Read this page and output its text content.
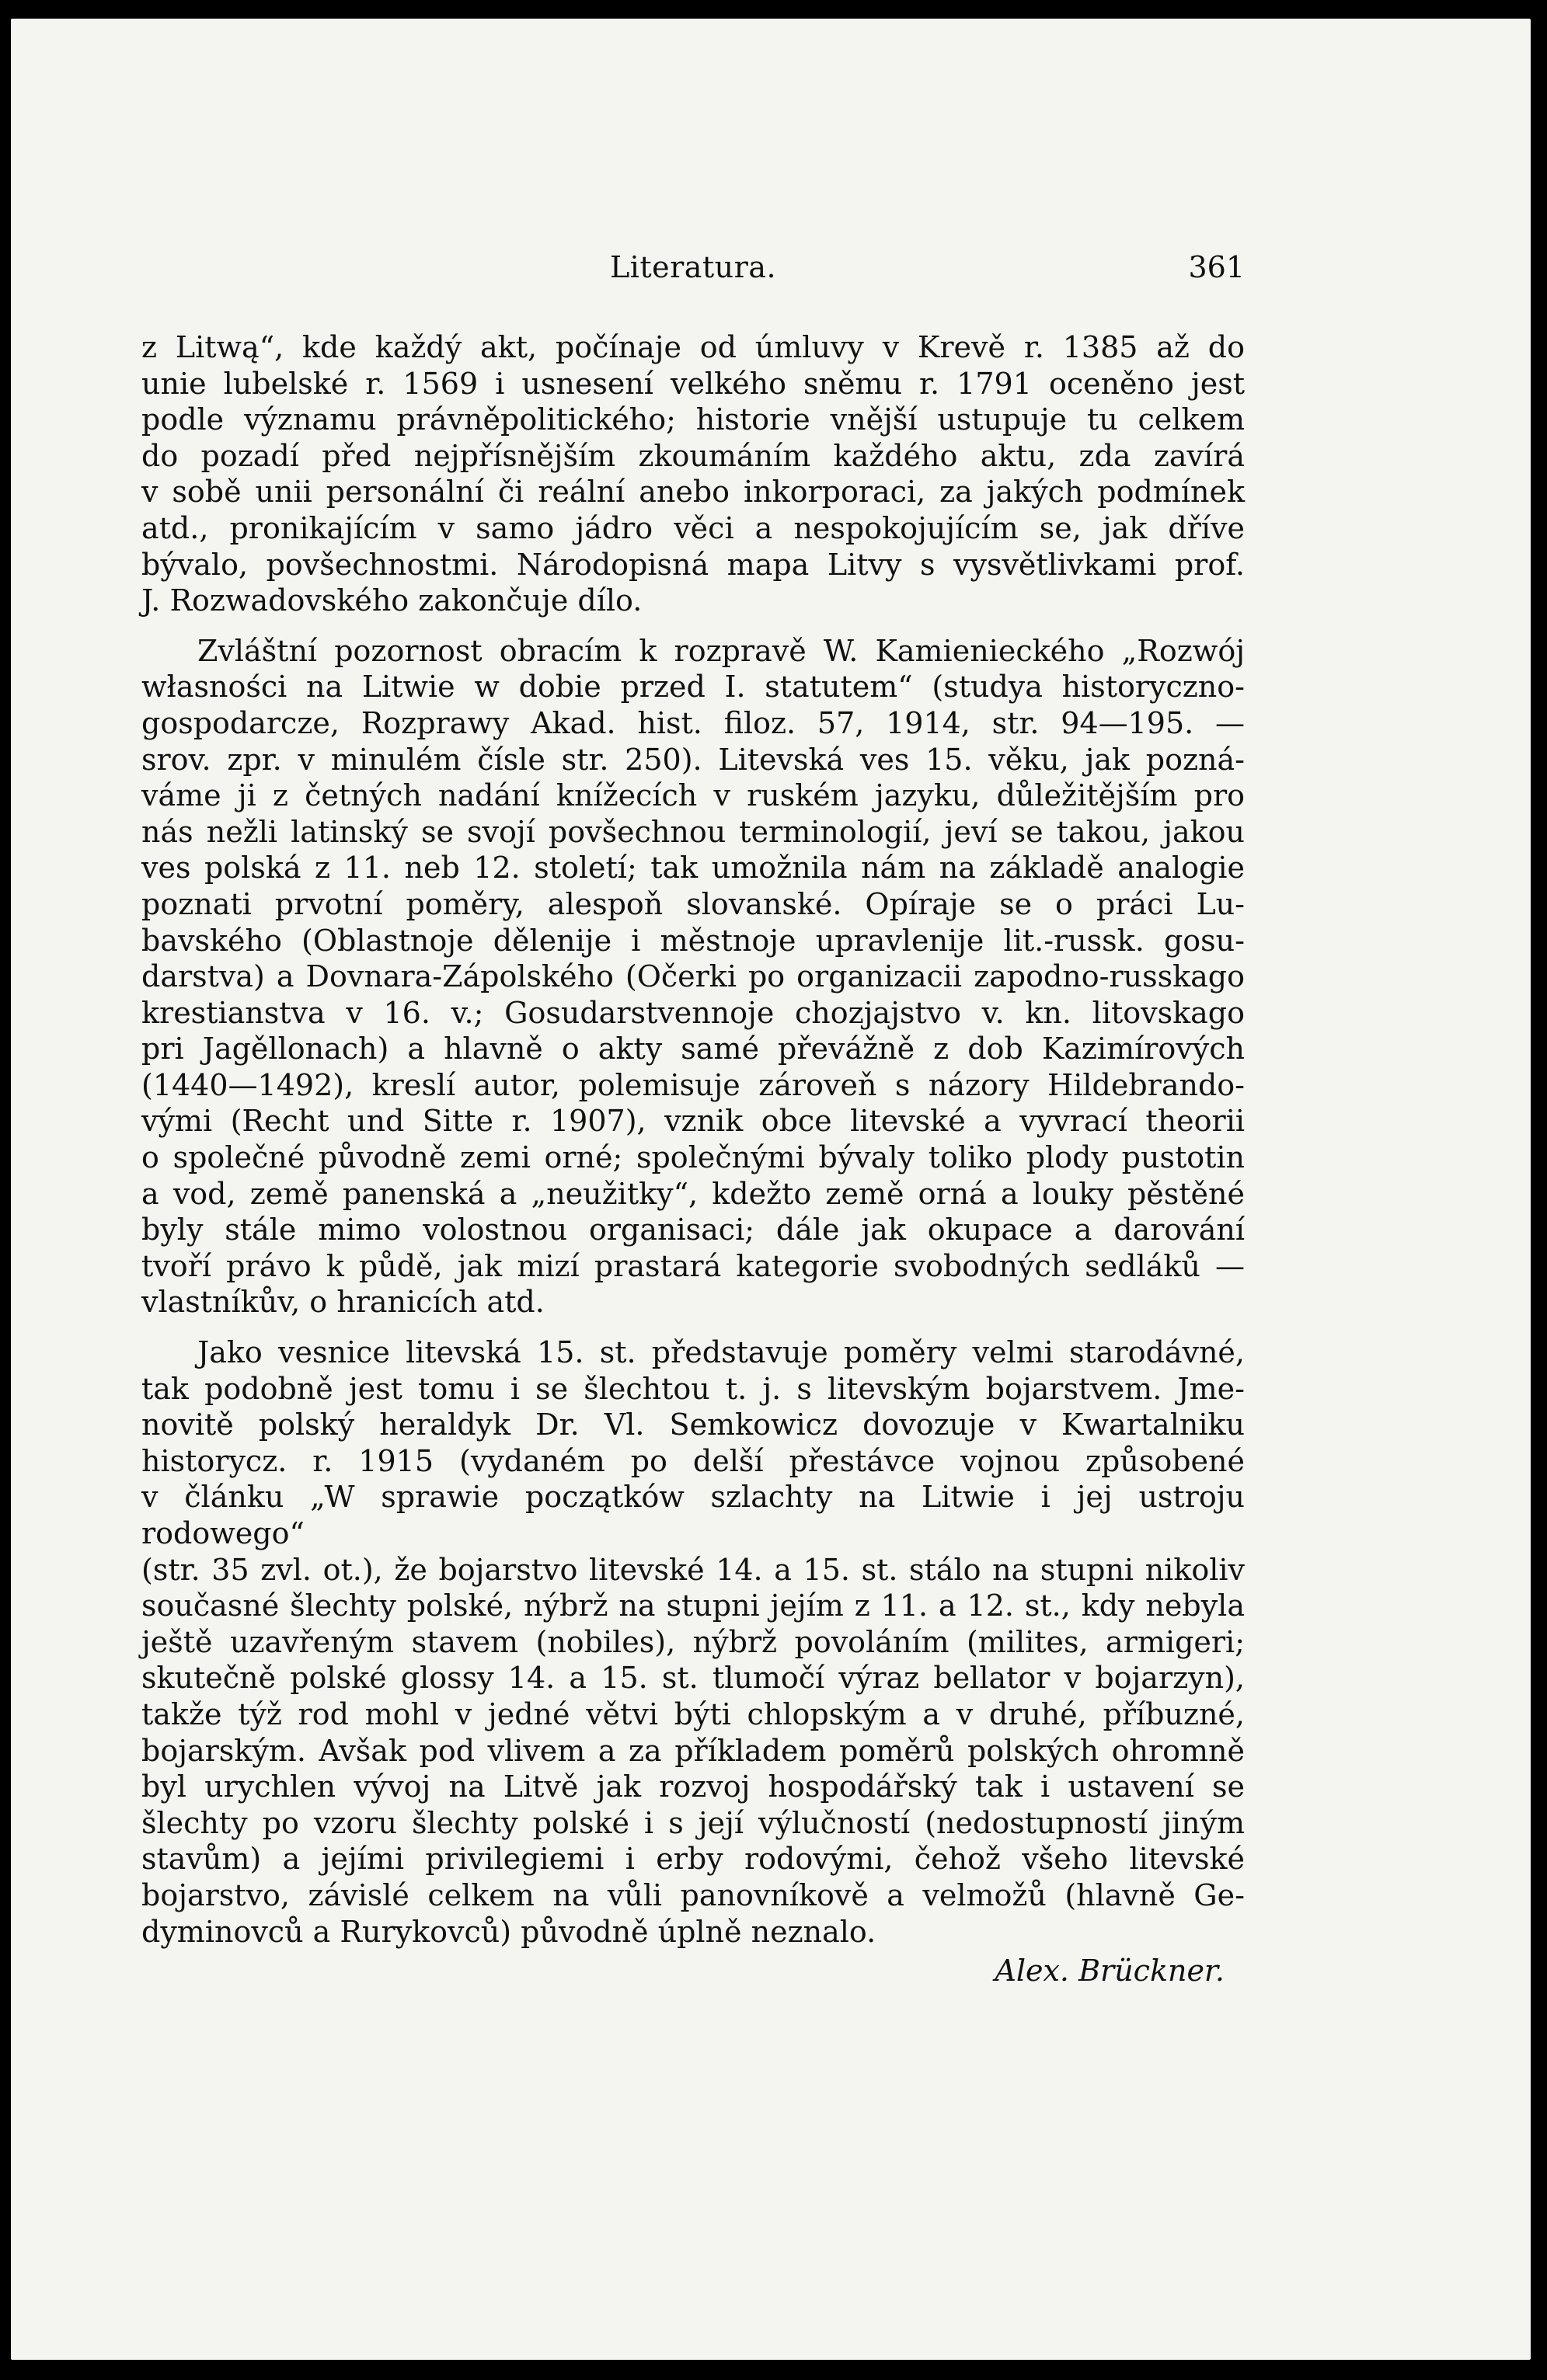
Literatura.	361
z Litwą“, kde každý akt, počínaje od úmluvy v Krevě r. 1385 až do
unie lubelské r. 1569 i usnesení velkého sněmu r. 1791 oceněno jest
podle významu právněpolitického; historie vnější ustupuje tu celkem
do pozadí před nejpřísnějším zkoumáním každého aktu, zda zavírá
v sobě unii personální či reální anebo inkorporaci, za jakých podmínek
atd., pronikajícím v samo jádro věci a nespokojujícím se, jak dříve
bývalo, povšechnostmi. Národopisná mapa Litvy s vysvětlivkami prof.
J. Rozwadovského zakončuje dílo.
Zvláštní pozornost obracím k rozpravě W. Kamienieckého „Rozwój
własności na Litwie w dobie przed I. statutem“ (studya historyczno-
gospodarcze, Rozprawy Akad. hist. filoz. 57, 1914, str. 94—195. —
srov. zpr. v minulém čísle str. 250). Litevská ves 15. věku, jak pozná-
váme ji z četných nadání knížecích v ruském jazyku, důležitějším pro
nás nežli latinský se svojí povšechnou terminologií, jeví se takou, jakou
ves polská z 11. neb 12. století; tak umožnila nám na základě analogie
poznati prvotní poměry, alespoň slovanské. Opíraje se o práci Lu-
bavského (Oblastnoje dělenije i městnoje upravlenije lit.-russk. gosu-
darstva) a Dovnara-Zápolského (Očerki po organizacii zapodno-russkago
krestianstva v 16. v.; Gosudarstvennoje chozjajstvo v. kn. litovskago
pri Jagěllonach) a hlavně o akty samé převážně z dob Kazimírových
(1440—1492), kreslí autor, polemisuje zároveň s názory Hildebrando-
vými (Recht und Sitte r. 1907), vznik obce litevské a vyvrací theorii
o společné původně zemi orné; společnými bývaly toliko plody pustotin
a vod, země panenská a „neužitky“, kdežto země orná a louky pěstěné
byly stále mimo volostnou organisaci; dále jak okupace a darování
tvoří právo k půdě, jak mizí prastará kategorie svobodných sedláků —
vlastníkův, o hranicích atd.
Jako vesnice litevská 15. st. představuje poměry velmi starodávné,
tak podobně jest tomu i se šlechtou t. j. s litevským bojarstvem. Jme-
novitě polský heraldyk Dr. Vl. Semkowicz dovozuje v Kwartalniku
historycz. r. 1915 (vydaném po delší přestávce vojnou způsobené
v článku „W sprawie początków szlachty na Litwie i jej ustroju rodowego“
(str. 35 zvl. ot.), že bojarstvo litevské 14. a 15. st. stálo na stupni nikoliv
současné šlechty polské, nýbrž na stupni jejím z 11. a 12. st., kdy nebyla
ještě uzavřeným stavem (nobiles), nýbrž povoláním (milites, armigeri;
skutečně polské glossy 14. a 15. st. tlumočí výraz bellator v bojarzyn),
takže týž rod mohl v jedné větvi býti chlopským a v druhé, příbuzné,
bojarským. Avšak pod vlivem a za příkladem poměrů polských ohromně
byl urychlen vývoj na Litvě jak rozvoj hospodářský tak i ustavení se
šlechty po vzoru šlechty polské i s její výlučností (nedostupností jiným
stavům) a jejími privilegiemi i erby rodovými, čehož všeho litevské
bojarstvo, závislé celkem na vůli panovníkově a velmožů (hlavně Ge-
dyminovců a Rurykovců) původně úplně neznalo.
Alex. Brückner.
